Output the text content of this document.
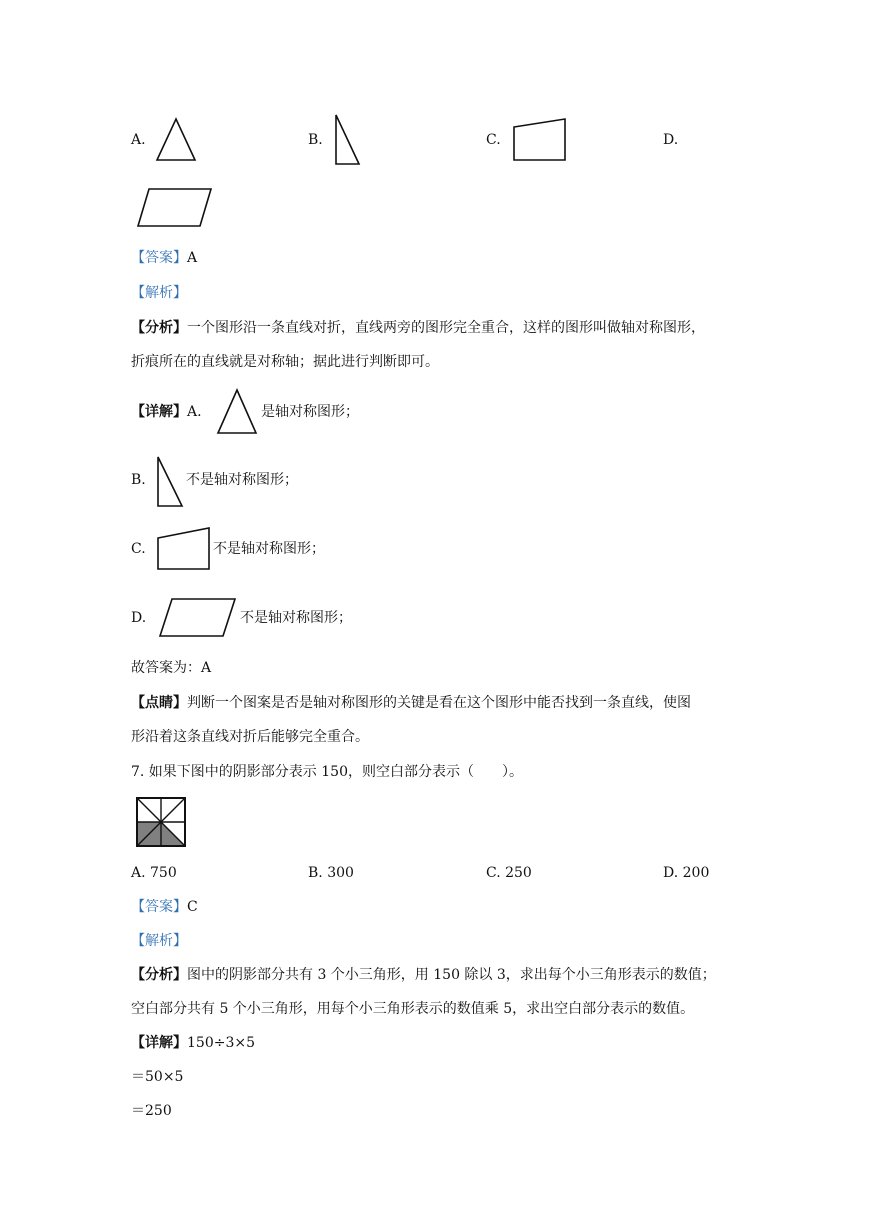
A.	B.	C.	D.
【答案】A
【解析】
【分析】一个图形沿一条直线对折，直线两旁的图形完全重合，这样的图形叫做轴对称图形，
折痕所在的直线就是对称轴；据此进行判断即可。
【详解】A.	是轴对称图形；
B.	不是轴对称图形；
C.	不是轴对称图形；
D.	不是轴对称图形；
故答案为：A
【点睛】判断一个图案是否是轴对称图形的关键是看在这个图形中能否找到一条直线，使图
形沿着这条直线对折后能够完全重合。
7. 如果下图中的阴影部分表示 150，则空白部分表示（　　）。
A. 750	B. 300	C. 250	D. 200
【答案】C
【解析】
【分析】图中的阴影部分共有 3 个小三角形，用 150 除以 3，求出每个小三角形表示的数值；
空白部分共有 5 个小三角形，用每个小三角形表示的数值乘 5，求出空白部分表示的数值。
【详解】150÷3×5
＝50×5
＝250
